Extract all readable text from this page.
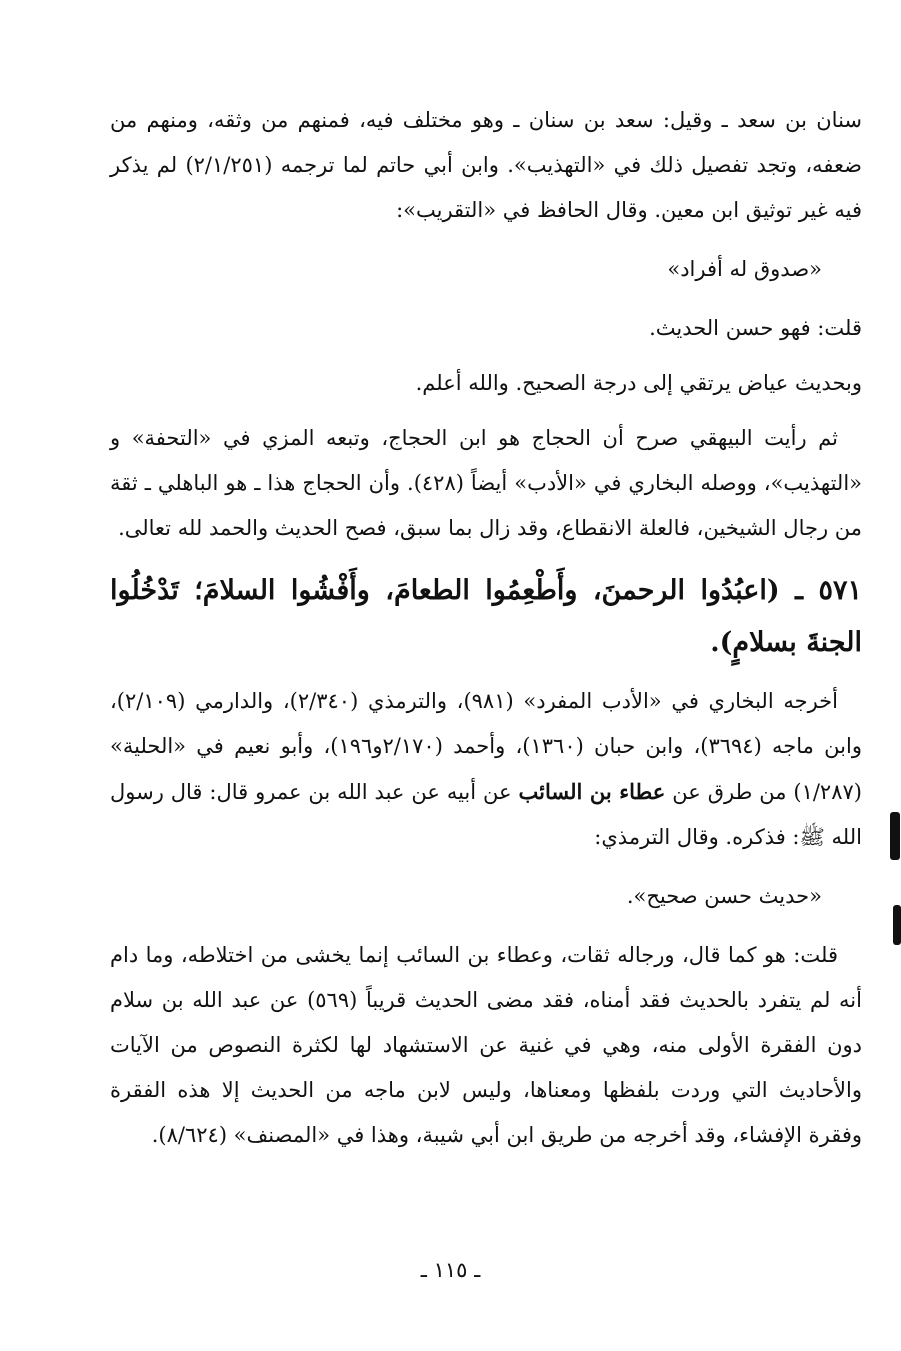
سنان بن سعد ـ وقيل: سعد بن سنان ـ وهو مختلف فيه، فمنهم من وثقه، ومنهم من ضعفه، وتجد تفصيل ذلك في «التهذيب». وابن أبي حاتم لما ترجمه (٢/١/٢٥١) لم يذكر فيه غير توثيق ابن معين. وقال الحافظ في «التقريب»:

«صدوق له أفراد»

قلت: فهو حسن الحديث.

وبحديث عياض يرتقي إلى درجة الصحيح. والله أعلم.

ثم رأيت البيهقي صرح أن الحجاج هو ابن الحجاج، وتبعه المزي في «التحفة» و «التهذيب»، ووصله البخاري في «الأدب» أيضاً (٤٢٨). وأن الحجاج هذا ـ هو الباهلي ـ ثقة من رجال الشيخين، فالعلة الانقطاع، وقد زال بما سبق، فصح الحديث والحمد لله تعالى.

٥٧١ ـ (اعبُدُوا الرحمنَ، وأَطْعِمُوا الطعامَ، وأَفْشُوا السلامَ؛ تَدْخُلُوا الجنةَ بسلامٍ).

أخرجه البخاري في «الأدب المفرد» (٩٨١)، والترمذي (٢/٣٤٠)، والدارمي (٢/١٠٩)، وابن ماجه (٣٦٩٤)، وابن حبان (١٣٦٠)، وأحمد (٢/١٧٠و١٩٦)، وأبو نعيم في «الحلية» (١/٢٨٧) من طرق عن عطاء بن السائب عن أبيه عن عبد الله بن عمرو قال: قال رسول الله ﷺ: فذكره. وقال الترمذي:

«حديث حسن صحيح».

قلت: هو كما قال، ورجاله ثقات، وعطاء بن السائب إنما يخشى من اختلاطه، وما دام أنه لم يتفرد بالحديث فقد أمناه، فقد مضى الحديث قريباً (٥٦٩) عن عبد الله بن سلام دون الفقرة الأولى منه، وهي في غنية عن الاستشهاد لها لكثرة النصوص من الآيات والأحاديث التي وردت بلفظها ومعناها، وليس لابن ماجه من الحديث إلا هذه الفقرة وفقرة الإفشاء، وقد أخرجه من طريق ابن أبي شيبة، وهذا في «المصنف» (٨/٦٢٤).

ـ ١١٥ ـ
